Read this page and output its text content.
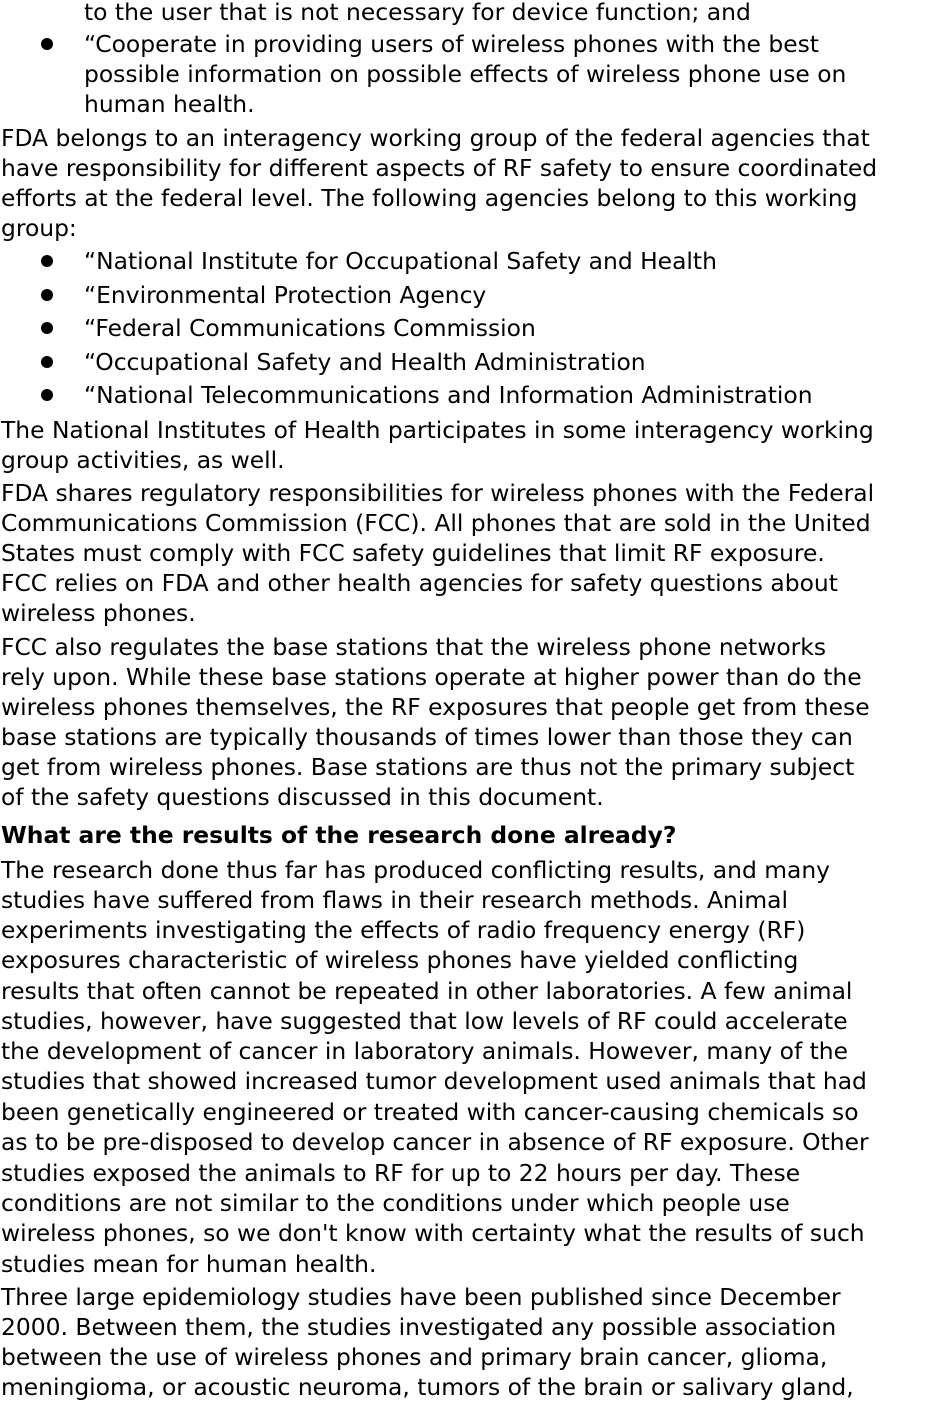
to the user that is not necessary for device function; and
“Cooperate in providing users of wireless phones with the best
possible information on possible effects of wireless phone use on
human health.
FDA belongs to an interagency working group of the federal agencies that
have responsibility for different aspects of RF safety to ensure coordinated
efforts at the federal level. The following agencies belong to this working
group:
“National Institute for Occupational Safety and Health
“Environmental Protection Agency
“Federal Communications Commission
“Occupational Safety and Health Administration
“National Telecommunications and Information Administration
The National Institutes of Health participates in some interagency working
group activities, as well.
FDA shares regulatory responsibilities for wireless phones with the Federal
Communications Commission (FCC). All phones that are sold in the United
States must comply with FCC safety guidelines that limit RF exposure.
FCC relies on FDA and other health agencies for safety questions about
wireless phones.
FCC also regulates the base stations that the wireless phone networks
rely upon. While these base stations operate at higher power than do the
wireless phones themselves, the RF exposures that people get from these
base stations are typically thousands of times lower than those they can
get from wireless phones. Base stations are thus not the primary subject
of the safety questions discussed in this document.
What are the results of the research done already?
The research done thus far has produced conflicting results, and many
studies have suffered from flaws in their research methods. Animal
experiments investigating the effects of radio frequency energy (RF)
exposures characteristic of wireless phones have yielded conflicting
results that often cannot be repeated in other laboratories. A few animal
studies, however, have suggested that low levels of RF could accelerate
the development of cancer in laboratory animals. However, many of the
studies that showed increased tumor development used animals that had
been genetically engineered or treated with cancer-causing chemicals so
as to be pre-disposed to develop cancer in absence of RF exposure. Other
studies exposed the animals to RF for up to 22 hours per day. These
conditions are not similar to the conditions under which people use
wireless phones, so we don't know with certainty what the results of such
studies mean for human health.
Three large epidemiology studies have been published since December
2000. Between them, the studies investigated any possible association
between the use of wireless phones and primary brain cancer, glioma,
meningioma, or acoustic neuroma, tumors of the brain or salivary gland,
